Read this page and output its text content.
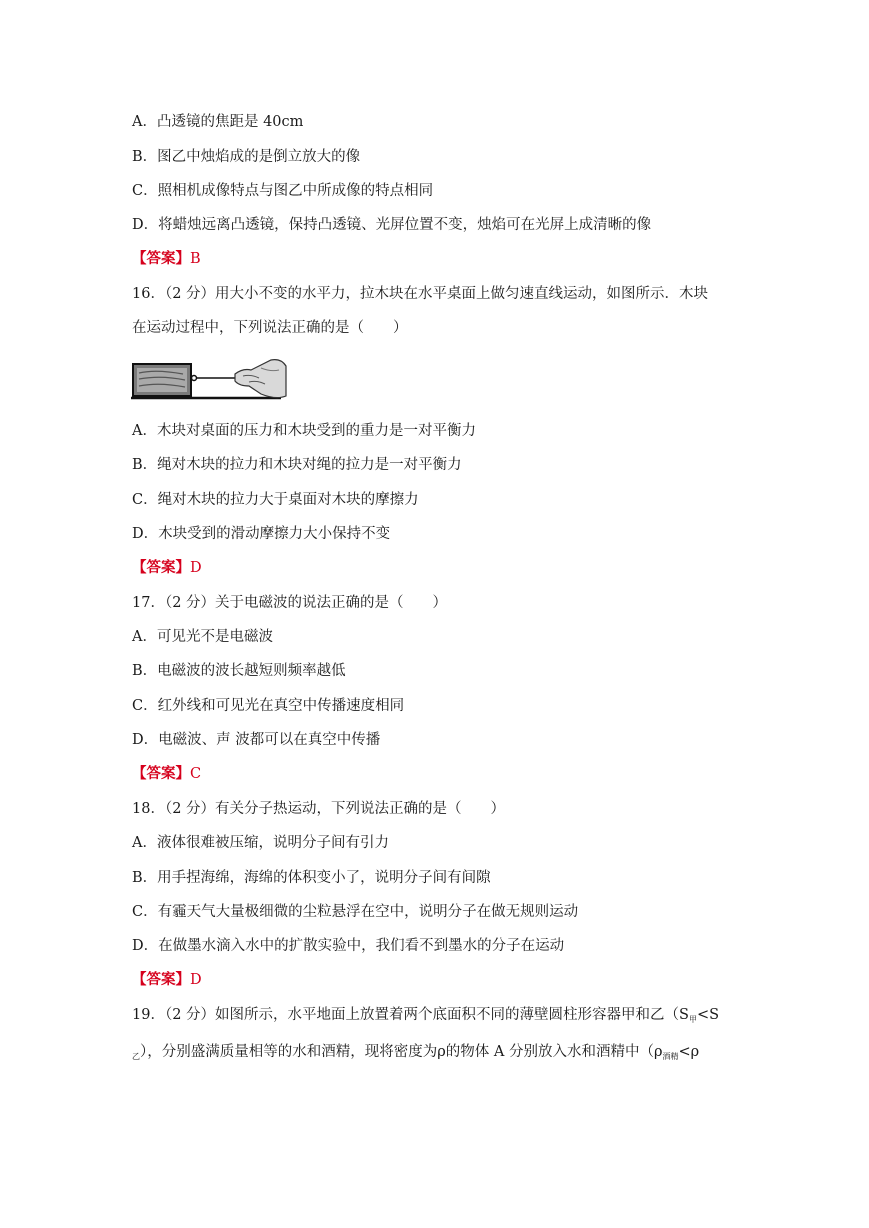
A．凸透镜的焦距是 40cm
B．图乙中烛焰成的是倒立放大的像
C．照相机成像特点与图乙中所成像的特点相同
D．将蜡烛远离凸透镜，保持凸透镜、光屏位置不变，烛焰可在光屏上成清晰的像
【答案】B
16．（2 分）用大小不变的水平力，拉木块在水平桌面上做匀速直线运动，如图所示．木块
在运动过程中，下列说法正确的是（　　）
A．木块对桌面的压力和木块受到的重力是一对平衡力
B．绳对木块的拉力和木块对绳的拉力是一对平衡力
C．绳对木块的拉力大于桌面对木块的摩擦力
D．木块受到的滑动摩擦力大小保持不变
【答案】D
17．（2 分）关于电磁波的说法正确的是（　　）
A．可见光不是电磁波
B．电磁波的波长越短则频率越低
C．红外线和可见光在真空中传播速度相同
D．电磁波、声 波都可以在真空中传播
【答案】C
18．（2 分）有关分子热运动，下列说法正确的是（　　）
A．液体很难被压缩，说明分子间有引力
B．用手捏海绵，海绵的体积变小了，说明分子间有间隙
C．有霾天气大量极细微的尘粒悬浮在空中，说明分子在做无规则运动
D．在做墨水滴入水中的扩散实验中，我们看不到墨水的分子在运动
【答案】D
19．（2 分）如图所示，水平地面上放置着两个底面积不同的薄壁圆柱形容器甲和乙（$S_甲<S$
$_乙$），分别盛满质量相等的水和酒精，现将密度为ρ的物体 A 分别放入水和酒精中（$\rho_{酒精}<\rho$
